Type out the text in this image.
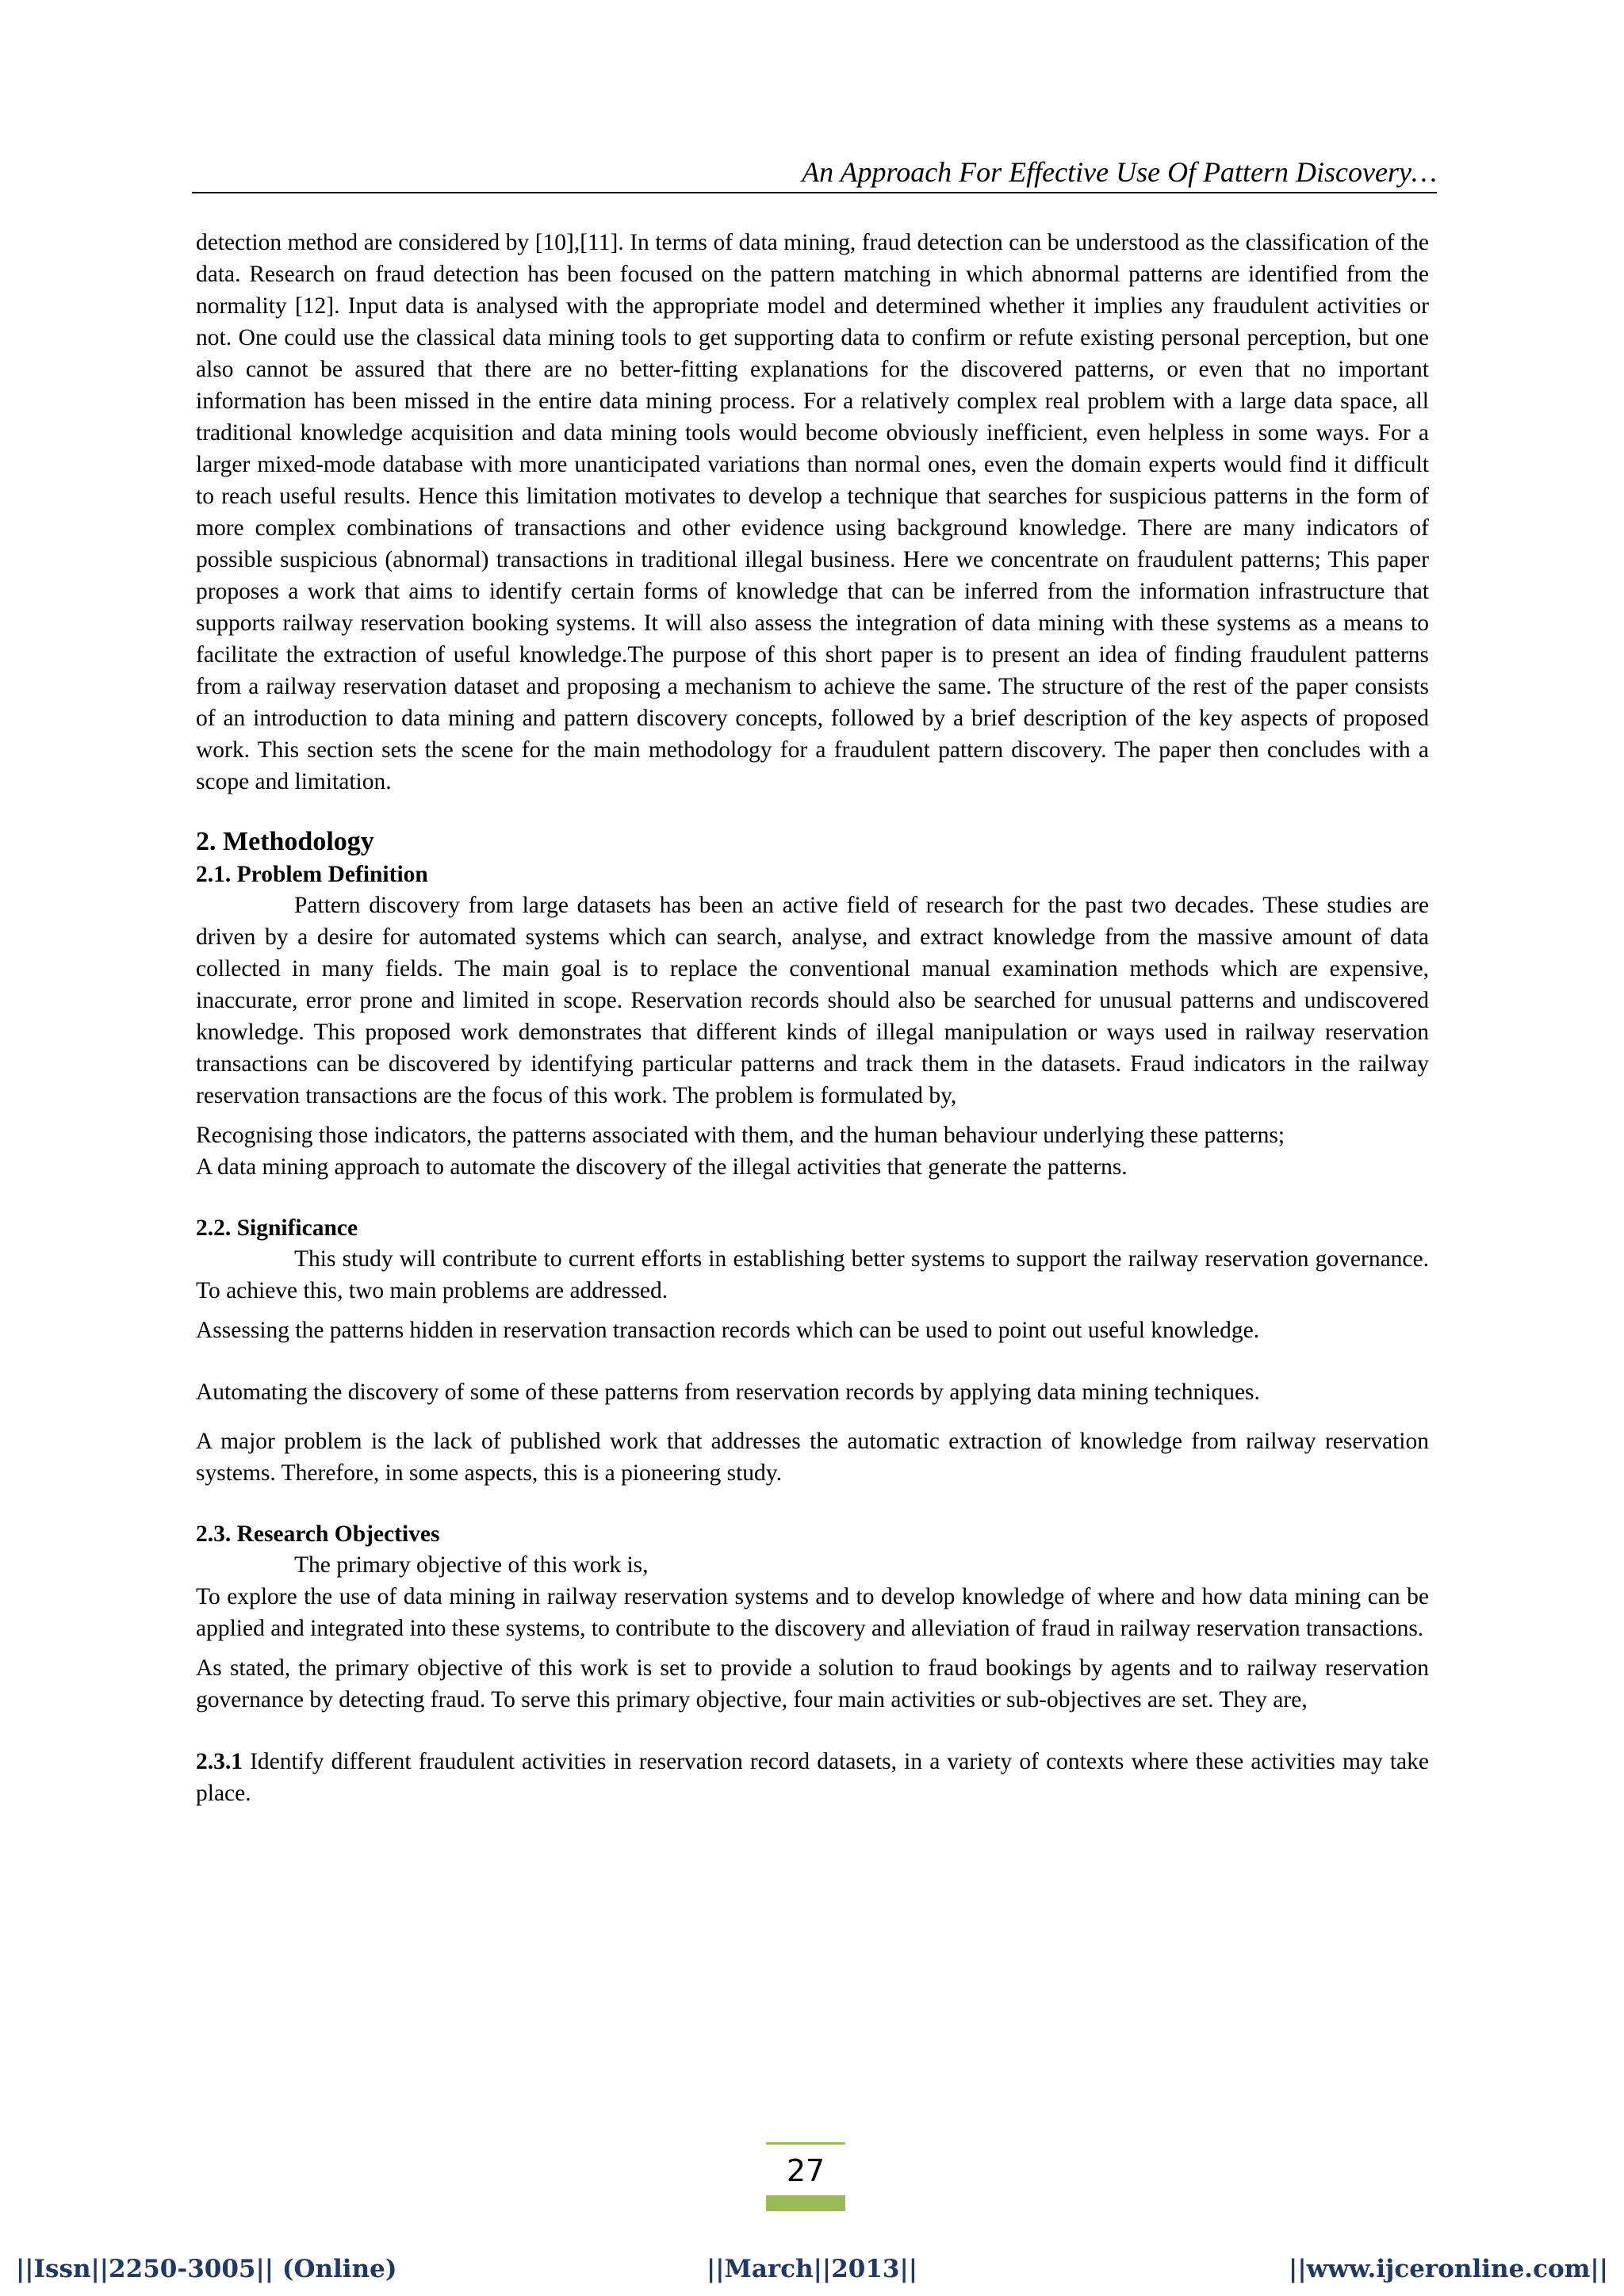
An Approach For Effective Use Of Pattern Discovery…

detection method are considered by [10],[11]. In terms of data mining, fraud detection can be understood as the classification of the data. Research on fraud detection has been focused on the pattern matching in which abnormal patterns are identified from the normality [12]. Input data is analysed with the appropriate model and determined whether it implies any fraudulent activities or not. One could use the classical data mining tools to get supporting data to confirm or refute existing personal perception, but one also cannot be assured that there are no better-fitting explanations for the discovered patterns, or even that no important information has been missed in the entire data mining process. For a relatively complex real problem with a large data space, all traditional knowledge acquisition and data mining tools would become obviously inefficient, even helpless in some ways. For a larger mixed-mode database with more unanticipated variations than normal ones, even the domain experts would find it difficult to reach useful results. Hence this limitation motivates to develop a technique that searches for suspicious patterns in the form of more complex combinations of transactions and other evidence using background knowledge. There are many indicators of possible suspicious (abnormal) transactions in traditional illegal business. Here we concentrate on fraudulent patterns; This paper proposes a work that aims to identify certain forms of knowledge that can be inferred from the information infrastructure that supports railway reservation booking systems. It will also assess the integration of data mining with these systems as a means to facilitate the extraction of useful knowledge.The purpose of this short paper is to present an idea of finding fraudulent patterns from a railway reservation dataset and proposing a mechanism to achieve the same. The structure of the rest of the paper consists of an introduction to data mining and pattern discovery concepts, followed by a brief description of the key aspects of proposed work. This section sets the scene for the main methodology for a fraudulent pattern discovery. The paper then concludes with a scope and limitation.

2. Methodology
2.1. Problem Definition

Pattern discovery from large datasets has been an active field of research for the past two decades. These studies are driven by a desire for automated systems which can search, analyse, and extract knowledge from the massive amount of data collected in many fields. The main goal is to replace the conventional manual examination methods which are expensive, inaccurate, error prone and limited in scope. Reservation records should also be searched for unusual patterns and undiscovered knowledge. This proposed work demonstrates that different kinds of illegal manipulation or ways used in railway reservation transactions can be discovered by identifying particular patterns and track them in the datasets. Fraud indicators in the railway reservation transactions are the focus of this work. The problem is formulated by,

Recognising those indicators, the patterns associated with them, and the human behaviour underlying these patterns;

A data mining approach to automate the discovery of the illegal activities that generate the patterns.

2.2. Significance

This study will contribute to current efforts in establishing better systems to support the railway reservation governance. To achieve this, two main problems are addressed.

Assessing the patterns hidden in reservation transaction records which can be used to point out useful knowledge.

Automating the discovery of some of these patterns from reservation records by applying data mining techniques.

A major problem is the lack of published work that addresses the automatic extraction of knowledge from railway reservation systems. Therefore, in some aspects, this is a pioneering study.

2.3. Research Objectives

The primary objective of this work is,

To explore the use of data mining in railway reservation systems and to develop knowledge of where and how data mining can be applied and integrated into these systems, to contribute to the discovery and alleviation of fraud in railway reservation transactions.

As stated, the primary objective of this work is set to provide a solution to fraud bookings by agents and to railway reservation governance by detecting fraud. To serve this primary objective, four main activities or sub-objectives are set. They are,

2.3.1 Identify different fraudulent activities in reservation record datasets, in a variety of contexts where these activities may take place.

27
||Issn||2250-3005|| (Online)	||March||2013||	||www.ijceronline.com||
